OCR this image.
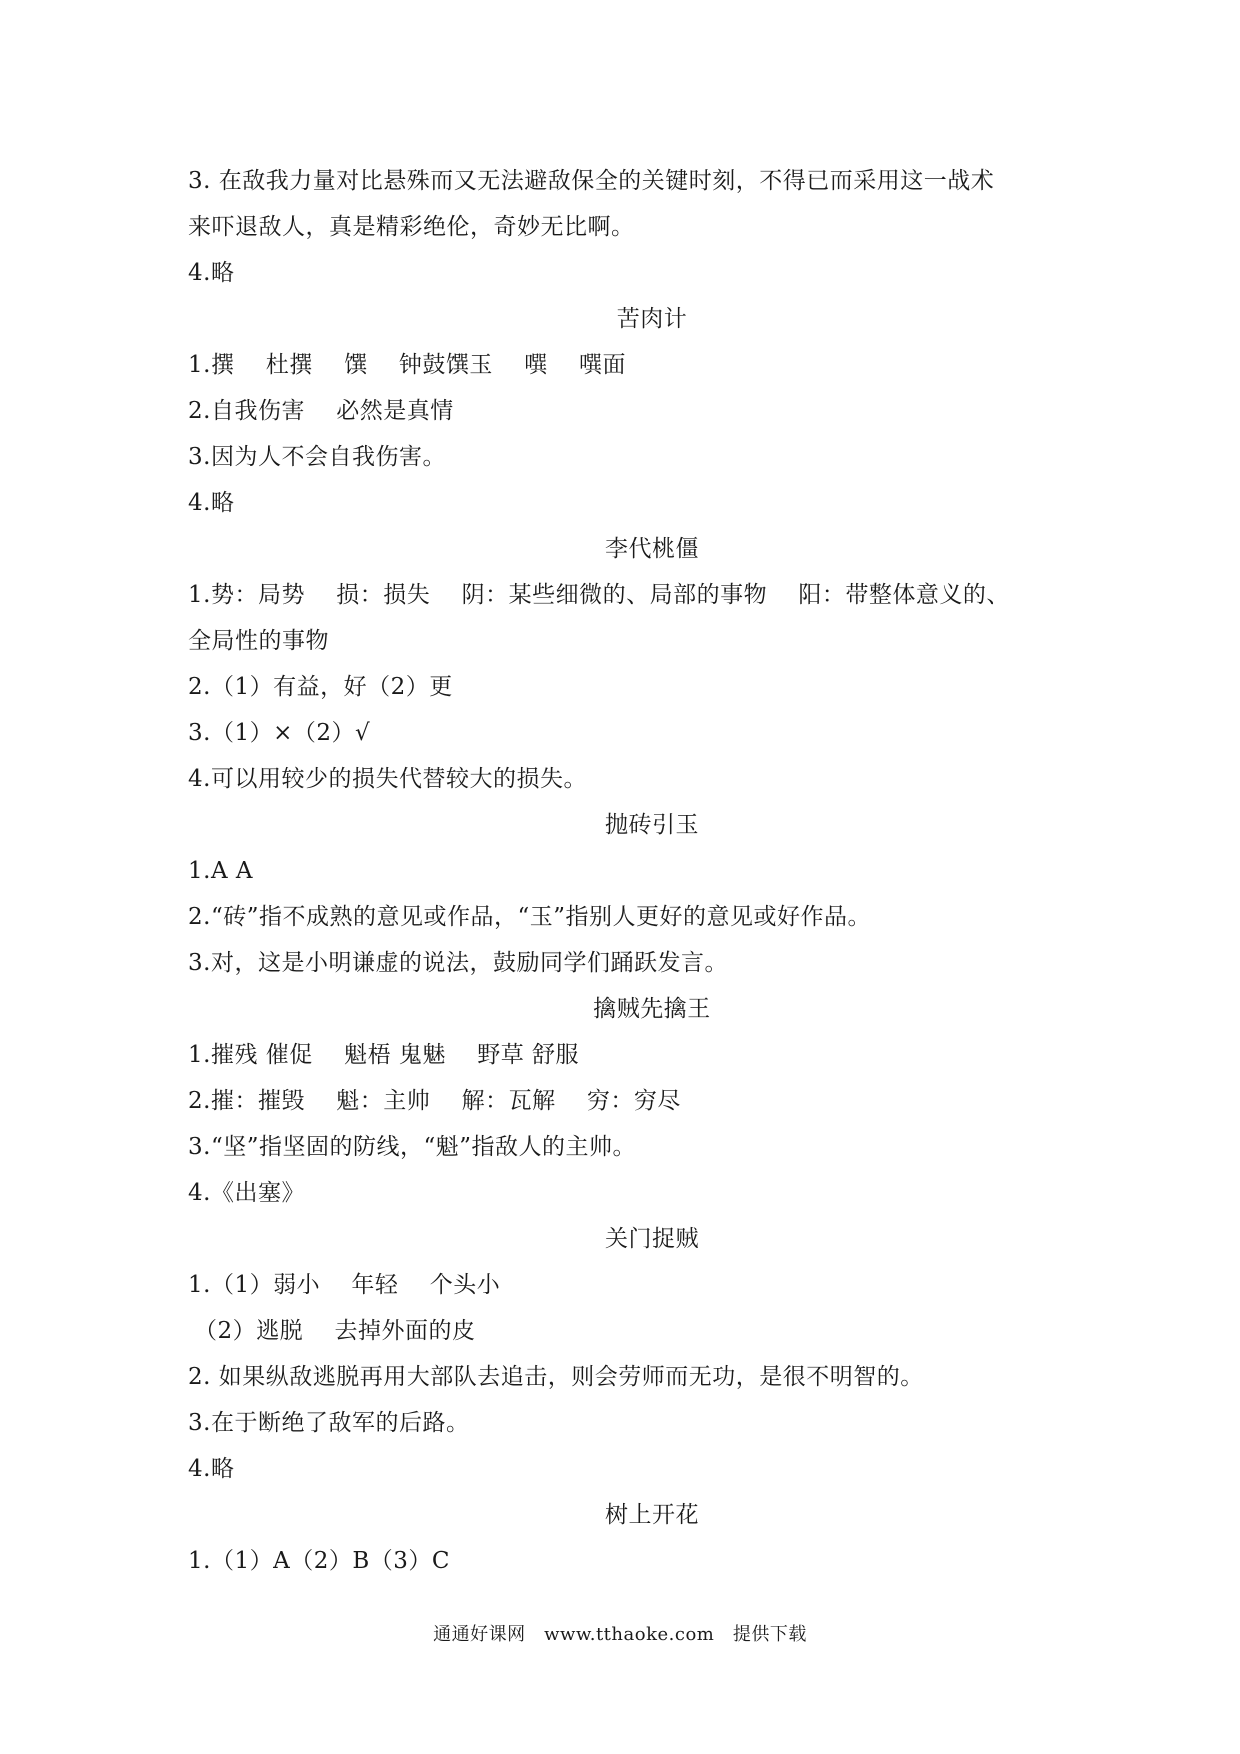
3. 在敌我力量对比悬殊而又无法避敌保全的关键时刻，不得已而采用这一战术
来吓退敌人，真是精彩绝伦，奇妙无比啊。
4.略
苦肉计
1.撰　 杜撰　 馔　 钟鼓馔玉　 噀　 噀面
2.自我伤害　 必然是真情
3.因为人不会自我伤害。
4.略
李代桃僵
1.势：局势　 损：损失　 阴：某些细微的、局部的事物　 阳：带整体意义的、
全局性的事物
2.（1）有益，好（2）更
3.（1）×（2）√
4.可以用较少的损失代替较大的损失。
抛砖引玉
1.A A
2.“砖”指不成熟的意见或作品，“玉”指别人更好的意见或好作品。
3.对，这是小明谦虚的说法，鼓励同学们踊跃发言。
擒贼先擒王
1.摧残 催促　 魁梧 鬼魅　 野草 舒服
2.摧：摧毁　 魁：主帅　 解：瓦解　 穷：穷尽
3.“坚”指坚固的防线，“魁”指敌人的主帅。
4.《出塞》
关门捉贼
1.（1）弱小　 年轻　 个头小
（2）逃脱　 去掉外面的皮
2. 如果纵敌逃脱再用大部队去追击，则会劳师而无功，是很不明智的。
3.在于断绝了敌军的后路。
4.略
树上开花
1.（1）A（2）B（3）C
通通好课网　www.tthaoke.com　提供下载
